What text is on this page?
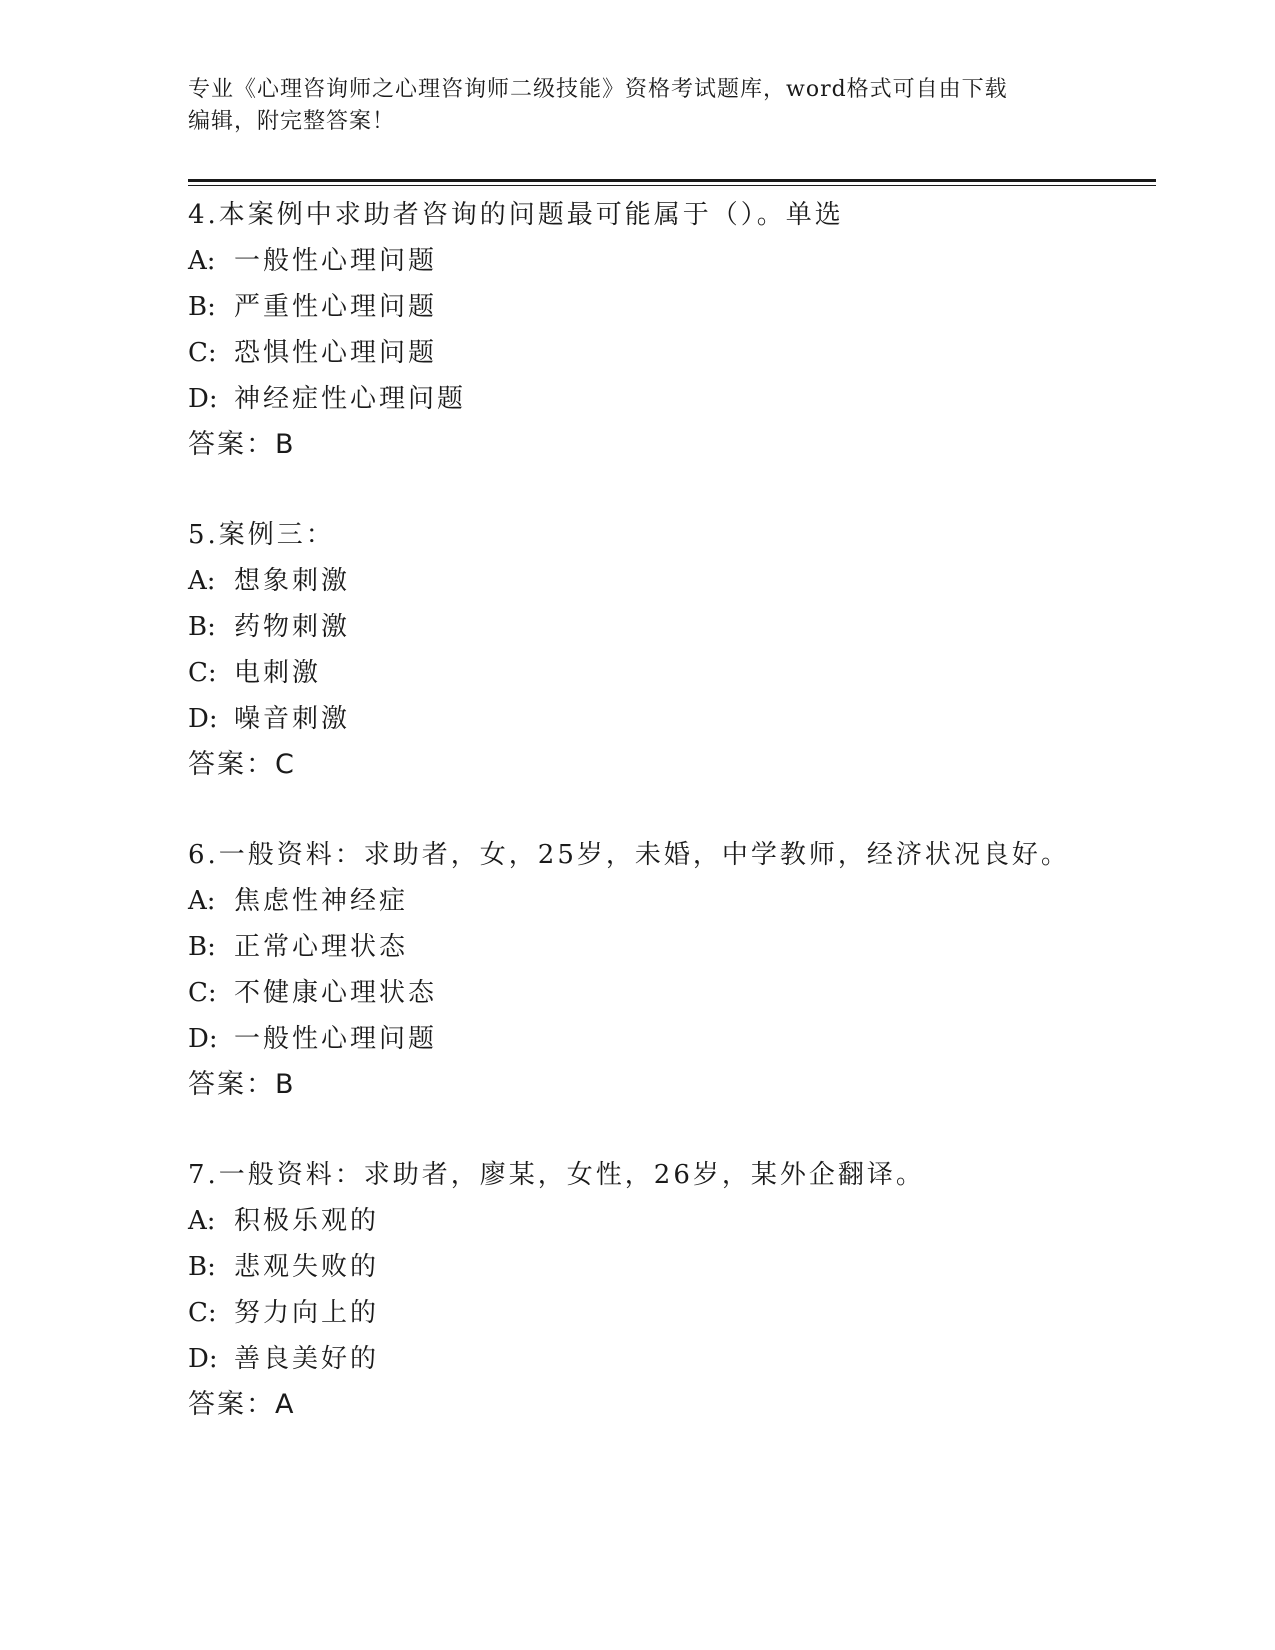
专业《心理咨询师之心理咨询师二级技能》资格考试题库，word格式可自由下载
编辑，附完整答案！
4.本案例中求助者咨询的问题最可能属于（）。单选
A: 一般性心理问题
B: 严重性心理问题
C: 恐惧性心理问题
D: 神经症性心理问题
答案：B
5.案例三：
A: 想象刺激
B: 药物刺激
C: 电刺激
D: 噪音刺激
答案：C
6.一般资料：求助者，女，25岁，未婚，中学教师，经济状况良好。
A: 焦虑性神经症
B: 正常心理状态
C: 不健康心理状态
D: 一般性心理问题
答案：B
7.一般资料：求助者，廖某，女性，26岁，某外企翻译。
A: 积极乐观的
B: 悲观失败的
C: 努力向上的
D: 善良美好的
答案：A
